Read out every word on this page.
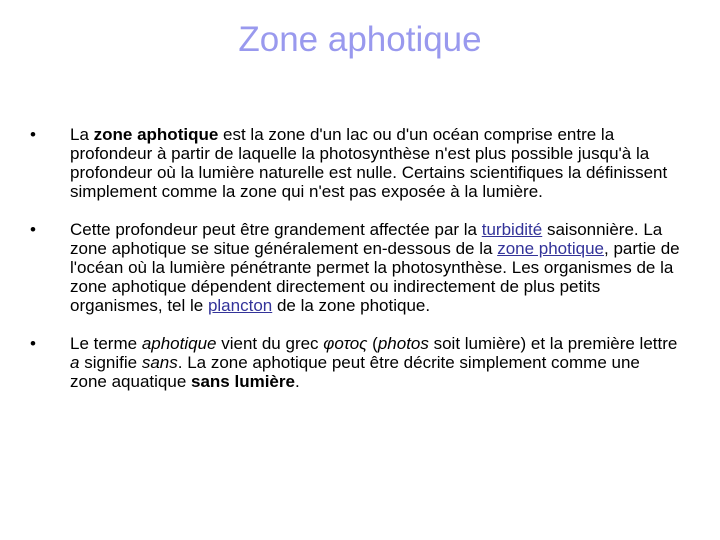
Zone aphotique
•	La zone aphotique est la zone d'un lac ou d'un océan comprise entre la profondeur à partir de laquelle la photosynthèse n'est plus possible jusqu'à la profondeur où la lumière naturelle est nulle. Certains scientifiques la définissent simplement comme la zone qui n'est pas exposée à la lumière.
•	Cette profondeur peut être grandement affectée par la turbidité saisonnière. La zone aphotique se situe généralement en-dessous de la zone photique, partie de l'océan où la lumière pénétrante permet la photosynthèse. Les organismes de la zone aphotique dépendent directement ou indirectement de plus petits organismes, tel le plancton de la zone photique.
•	Le terme aphotique vient du grec φοτος (photos soit lumière) et la première lettre a signifie sans. La zone aphotique peut être décrite simplement comme une zone aquatique sans lumière.
